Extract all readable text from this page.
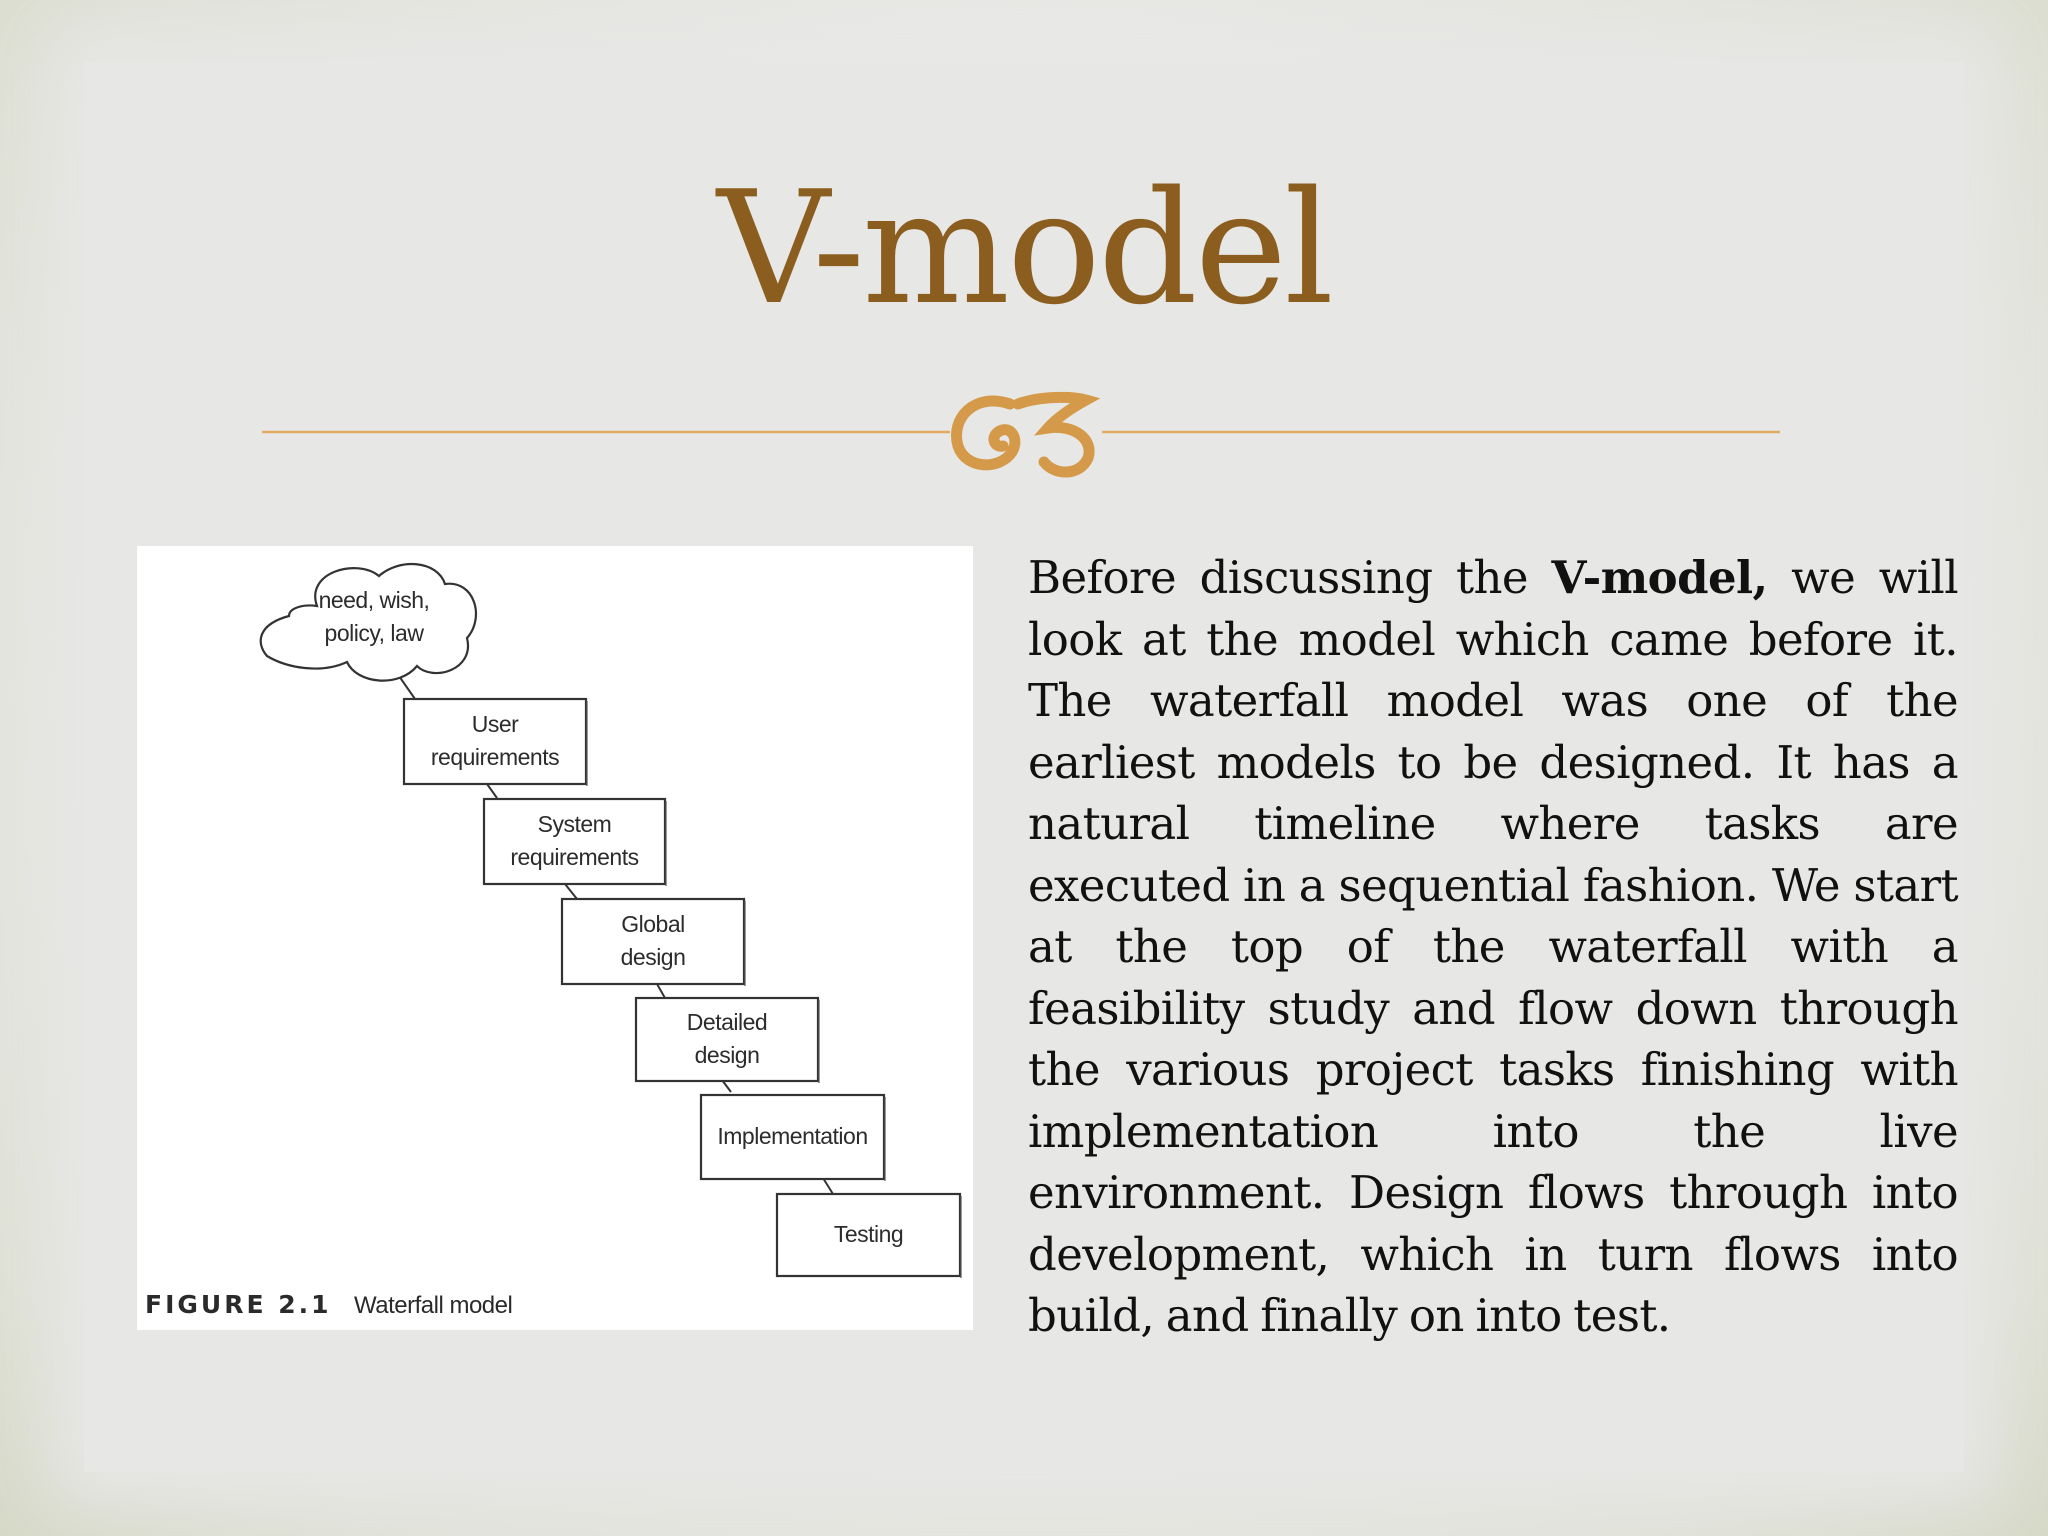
V-model
need, wish,
policy, law
User
requirements
System
requirements
Global
design
Detailed
design
Implementation
Testing
FIGURE 2.1 Waterfall model
Before discussing the V-model, we will look at the model which came before it. The waterfall model was one of the earliest models to be designed. It has a natural timeline where tasks are executed in a sequential fashion. We start at the top of the waterfall with a feasibility study and flow down through the various project tasks finishing with implementation into the live environment. Design flows through into development, which in turn flows into build, and finally on into test.
